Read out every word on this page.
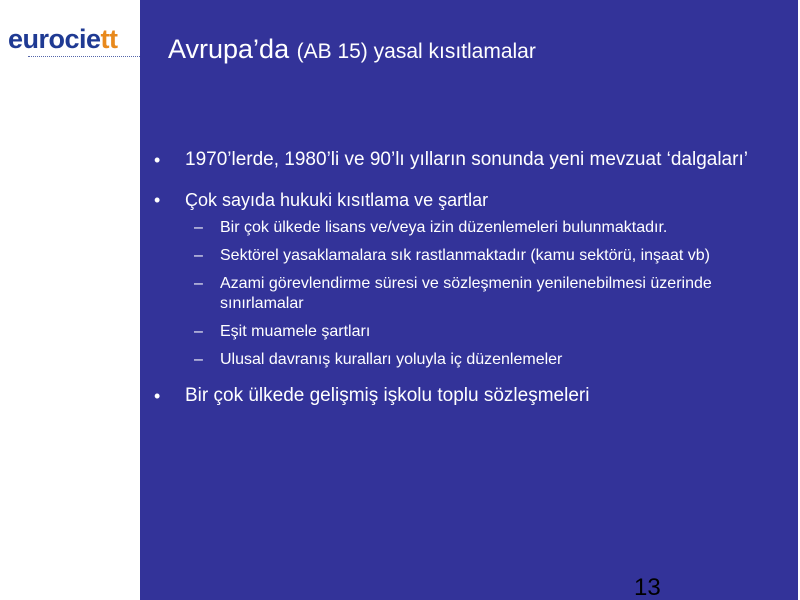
eurociett Avrupa’da (AB 15) yasal kısıtlamalar
• 1970’lerde, 1980’li ve 90’lı yılların sonunda yeni mevzuat ‘dalgaları’
• Çok sayıda hukuki kısıtlama ve şartlar
– Bir çok ülkede lisans ve/veya izin düzenlemeleri bulunmaktadır.
– Sektörel yasaklamalara sık rastlanmaktadır (kamu sektörü, inşaat vb)
– Azami görevlendirme süresi ve sözleşmenin yenilenebilmesi üzerinde sınırlamalar
– Eşit muamele şartları
– Ulusal davranış kuralları yoluyla iç düzenlemeler
• Bir çok ülkede gelişmiş işkolu toplu sözleşmeleri
13
